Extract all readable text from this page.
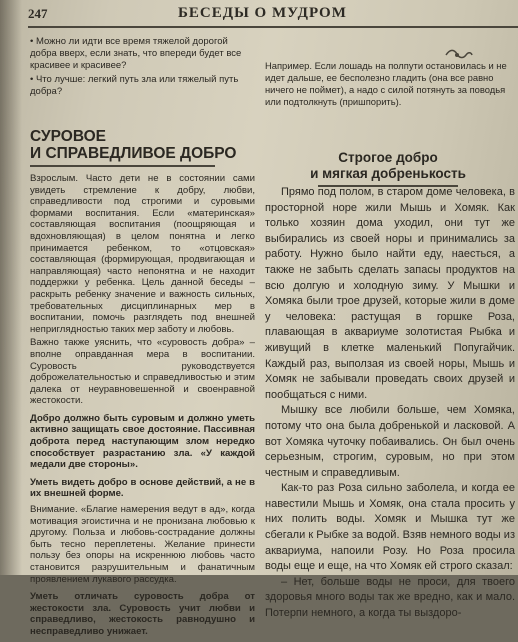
247	БЕСЕДЫ О МУДРОМ

• Можно ли идти все время тяжелой дорогой добра вверх, если знать, что впереди будет все красивее и красивее?

• Что лучше: легкий путь зла или тяжелый путь добра?

Например. Если лошадь на полпути остановилась и не идет дальше, ее бесполезно гладить (она все равно ничего не поймет), а надо с силой потянуть за поводья или подтолкнуть (пришпорить).
СУРОВОЕ
И СПРАВЕДЛИВОЕ ДОБРО

Взрослым. Часто дети не в состоянии сами увидеть стремление к добру, любви, справедливости под строгими и суровыми формами воспитания. Если «материнская» составляющая воспитания (поощряющая и вдохновляющая) в целом понятна и легко принимается ребенком, то «отцовская» составляющая (формирующая, продвигающая и направляющая) часто непонятна и не находит поддержки у ребенка. Цель данной беседы – раскрыть ребенку значение и важность сильных, требовательных дисциплинарных мер в воспитании, помочь разглядеть под внешней неприглядностью таких мер заботу и любовь.

Важно также уяснить, что «суровость добра» – вполне оправданная мера в воспитании. Суровость руководствуется доброжелательностью и справедливостью и этим далека от неуравновешенной и своенравной жестокости.

Добро должно быть суровым и должно уметь активно защищать свое достояние. Пассивная доброта перед наступающим злом нередко способствует разрастанию зла. «У каждой медали две стороны».

Уметь видеть добро в основе действий, а не в их внешней форме.

Внимание. «Благие намерения ведут в ад», когда мотивация эгоистична и не пронизана любовью к другому. Польза и любовь-сострадание должны быть тесно переплетены. Желание принести пользу без опоры на искреннюю любовь часто становится разрушительным и фанатичным проявлением лукавого рассудка.

Уметь отличать суровость добра от жестокости зла. Суровость учит любви и справедливо, жестокость равнодушно и несправедливо унижает.

Строгое добро
и мягкая добренькость

Прямо под полом, в старом доме человека, в просторной норе жили Мышь и Хомяк. Как только хозяин дома уходил, они тут же выбирались из своей норы и принимались за работу. Нужно было найти еду, наесться, а также не забыть сделать запасы продуктов на всю долгую и холодную зиму. У Мышки и Хомяка были трое друзей, которые жили в доме у человека: растущая в горшке Роза, плавающая в аквариуме золотистая Рыбка и живущий в клетке маленький Попугайчик. Каждый раз, выползая из своей норы, Мышь и Хомяк не забывали проведать своих друзей и пообщаться с ними.

Мышку все любили больше, чем Хомяка, потому что она была добренькой и ласковой. А вот Хомяка чуточку побаивались. Он был очень серьезным, строгим, суровым, но при этом честным и справедливым.

Как-то раз Роза сильно заболела, и когда ее навестили Мышь и Хомяк, она стала просить у них полить воды. Хомяк и Мышка тут же сбегали к Рыбке за водой. Взяв немного воды из аквариума, напоили Розу. Но Роза просила воды еще и еще, на что Хомяк ей строго сказал:

– Нет, больше воды не проси, для твоего здоровья много воды так же вредно, как и мало. Потерпи немного, а когда ты выздоро-
